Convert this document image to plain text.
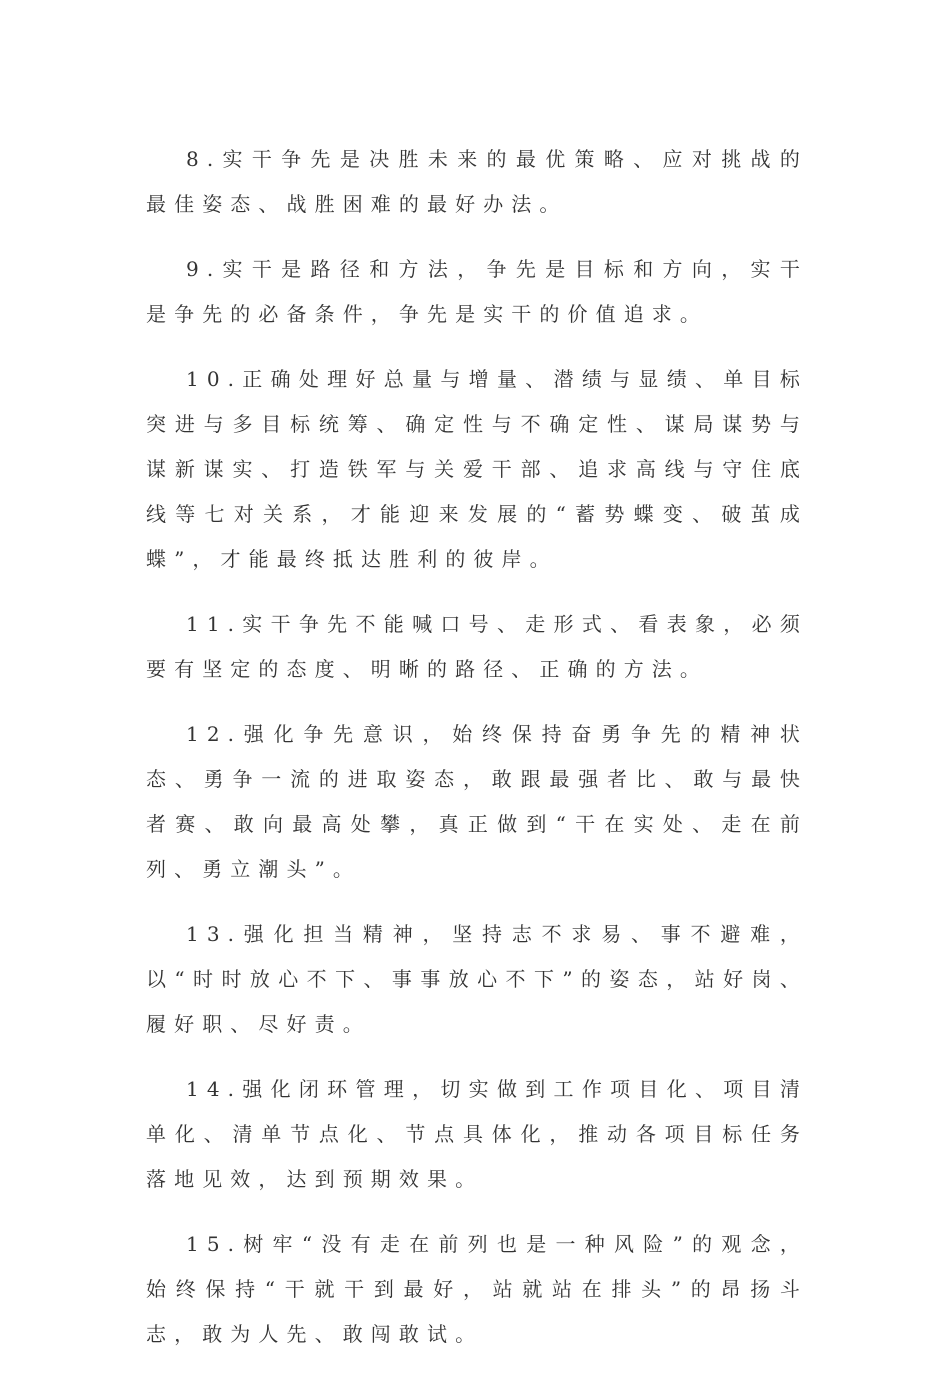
8.实干争先是决胜未来的最优策略、应对挑战的最佳姿态、战胜困难的最好办法。

9.实干是路径和方法，争先是目标和方向，实干是争先的必备条件，争先是实干的价值追求。

10.正确处理好总量与增量、潜绩与显绩、单目标突进与多目标统筹、确定性与不确定性、谋局谋势与谋新谋实、打造铁军与关爱干部、追求高线与守住底线等七对关系，才能迎来发展的“蓄势蝶变、破茧成蝶”，才能最终抵达胜利的彼岸。

11.实干争先不能喊口号、走形式、看表象，必须要有坚定的态度、明晰的路径、正确的方法。

12.强化争先意识，始终保持奋勇争先的精神状态、勇争一流的进取姿态，敢跟最强者比、敢与最快者赛、敢向最高处攀，真正做到“干在实处、走在前列、勇立潮头”。

13.强化担当精神，坚持志不求易、事不避难，以“时时放心不下、事事放心不下”的姿态，站好岗、履好职、尽好责。

14.强化闭环管理，切实做到工作项目化、项目清单化、清单节点化、节点具体化，推动各项目标任务落地见效，达到预期效果。

15.树牢“没有走在前列也是一种风险”的观念，始终保持“干就干到最好，站就站在排头”的昂扬斗志，敢为人先、敢闯敢试。
